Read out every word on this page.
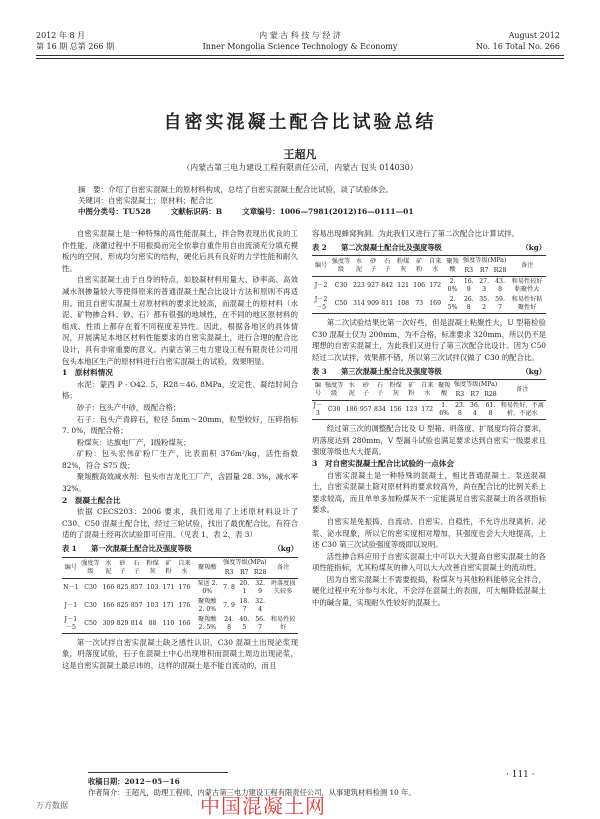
2012 年 8 月
第 16 期 总第 266 期
内 蒙 古 科 技 与 经 济
Inner Mongolia Science Technology & Economy
August 2012
No. 16 Total No. 266
自密实混凝土配合比试验总结
王超凡
（内蒙古第三电力建设工程有限责任公司，内蒙古 包头 014030）
摘　要：介绍了自密实混凝土的原材料构成，总结了自密实混凝土配合比试验，谈了试验体会。
关键词：自密实混凝土；原材料；配合比
中图分类号：TU528	文献标识码：B	文章编号：1006—7981(2012)16—0111—01

自密实混凝土是一种特殊的高性能混凝土，拌合物表现出优良的工作性能，浇灌过程中不用振捣而完全依靠自重作用自由流淌充分填充模板内的空间，形成均匀密实的结构，硬化后具有良好的力学性能和耐久性。

自密实混凝土由于自身的特点，如胶凝材料用量大、砂率高、高效减水剂掺量较大等使得原来的普通混凝土配合比设计方法和原则不再适用。而且自密实混凝土对原材料的要求比较高，而混凝土的原材料（水泥、矿物掺合料、砂、石）都有很强的地域性，在不同的地区原材料的组成、性质上都存在着不同程度差异性。因此，根据各地区的具体情况，开展满足本地区材料性能要求的自密实混凝土，进行合理的配合比设计，具有非常重要的意义。内蒙古第三电力建设工程有限责任公司用包头本地区生产的原材料进行自密实混凝土的试验，效果明显。

1　原材料情况

水泥：蒙西 P · O42. 5，R28＝46. 8MPa，安定性、凝结时间合格；

砂子：包头产中砂，级配合格；

石子：包头产青碎石，粒径 5mm～20mm，粒型较好，压碎指标 7. 0%，级配合格；

粉煤灰：达旗电厂产，Ⅰ级粉煤灰；

矿粉：包头宏伟矿粉厂生产，比表面积 376m²/kg，活性指数 82%，符合 S75 级；

聚羧酸高效减水剂：包头市吉龙化工厂产，含固量 28. 3%，减水率 32%。

2　混凝土配合比

依据 CECS203：2006 要求，我们选用了上述原材料设计了 C30、C50 混凝土配合比，经过三轮试验，找出了最优配合比，有符合适的了混凝土经再次试验即可应用。（见表 1、表 2、表 3）

表 1　　第一次混凝土配合比及强度等级	（kg）
编号	强度等级	水泥	砂子	石子	粉煤灰	矿粉	自来水	聚羧酸	强度等级(MPa)			备注
									R3	R7	R28	
N－1	C30	166	825	857	103	171	176	泵送 2. 0%	7. 8	20. 1	32. 9	坍落度损失较多
J－1	C30	166	825	857	103	171	176	聚羧酸 2. 0%	7. 9	18. 7	32. 4	
J－1－5	C50	309	829	814	88	110	166	聚羧酸 2. 5%	24. 8	40. 5	56. 7	和易性较好

第一次试拌自密实混凝土缺乏感性认识，C30 混凝土出现泌浆现象，坍落度试验，石子在混凝土中心出现堆积而混凝土周边出现泌浆，这是自密实混凝土最忌讳的，这样的混凝土是不能自流动的，而且

容易出现蜂窝狗洞。为此我们又进行了第二次配合比计算试拌。

表 2　　第二次混凝土配合比及强度等级	（kg）
编号	强度等级	水泥	砂子	石子	粉煤灰	矿粉	自来水	聚羧酸	强度等级(MPa)			备注
									R3	R7	R28	
J－2	C30	223	927	842	121	106	172	2. 0%	16. 9	27. 3	43. 8	和易性较好粘聚性大
J－2－5	C50	314	909	811	108	73	169	2. 5%	26. 8	35. 2	59. 7	和易性好粘聚性好

第二次试验结果比第一次好些，但是混凝土粘聚性大，U 型箱检验 C30 混凝土仅为 200mm，为不合格，标准要求 320mm，所以仍不是理想的自密实混凝土，为此我们又进行了第三次配合比设计。因为 C50 经过二次试拌，效果都不错，所以第三次试拌仅做了 C30 的配合比。

表 3　　第三次混凝土配合比及强度等级	（kg）
编号	强度等级	水泥	砂子	石子	粉煤灰	矿粉	自来水	聚羧酸	强度等级(MPa)			备注
									R3	R7	R28	
J－3	C30	186	957	834	156	123	172	1. 6%	23. 8	36. 4	61. 8	和易性好、不离析、不泌水

经过第三次的调整配合比及 U 型箱、坍落度、扩展度均符合要求，坍落度达到 280mm，V 型漏斗试验也满足要求达到自密实一级要求且强度等级也大大提高。

3　对自密实混凝土配合比试验的一点体会

自密实混凝土是一种特殊的混凝土，相比普通混凝土、泵送混凝土，自密实混凝土除对原材料的要求较高外，尚在配合比的比例关系上要求较高，而且单单多加粉煤灰不一定能满足自密实混凝土的各项指标要求。

自密实是免振捣、自流动、自密实、自稳性，不允许出现离析、泌浆、泌水现象，所以它的密实度相对增加，其强度也会大大地提高，上述 C30 第三次试验强度等级即以说明。

活性掺合料应用于自密实混凝土中可以大大提高自密实混凝土的各项性能指标，尤其粉煤灰的掺入可以大大改善自密实混凝土的流动性。

因为自密实混凝土不需要振捣，粉煤灰与其他粉料能够完全拌合，硬化过程中充分参与水化，不会浮在混凝土的表面，可大幅降低混凝土中的碱含量，实现耐久性较好的混凝土。

收稿日期：2012－05－16
作者简介：王超凡，助理工程师，内蒙古第三电力建设工程有限责任公司，从事建筑材料检测 10 年。
· 111 ·
中国混凝土网
万方数据
